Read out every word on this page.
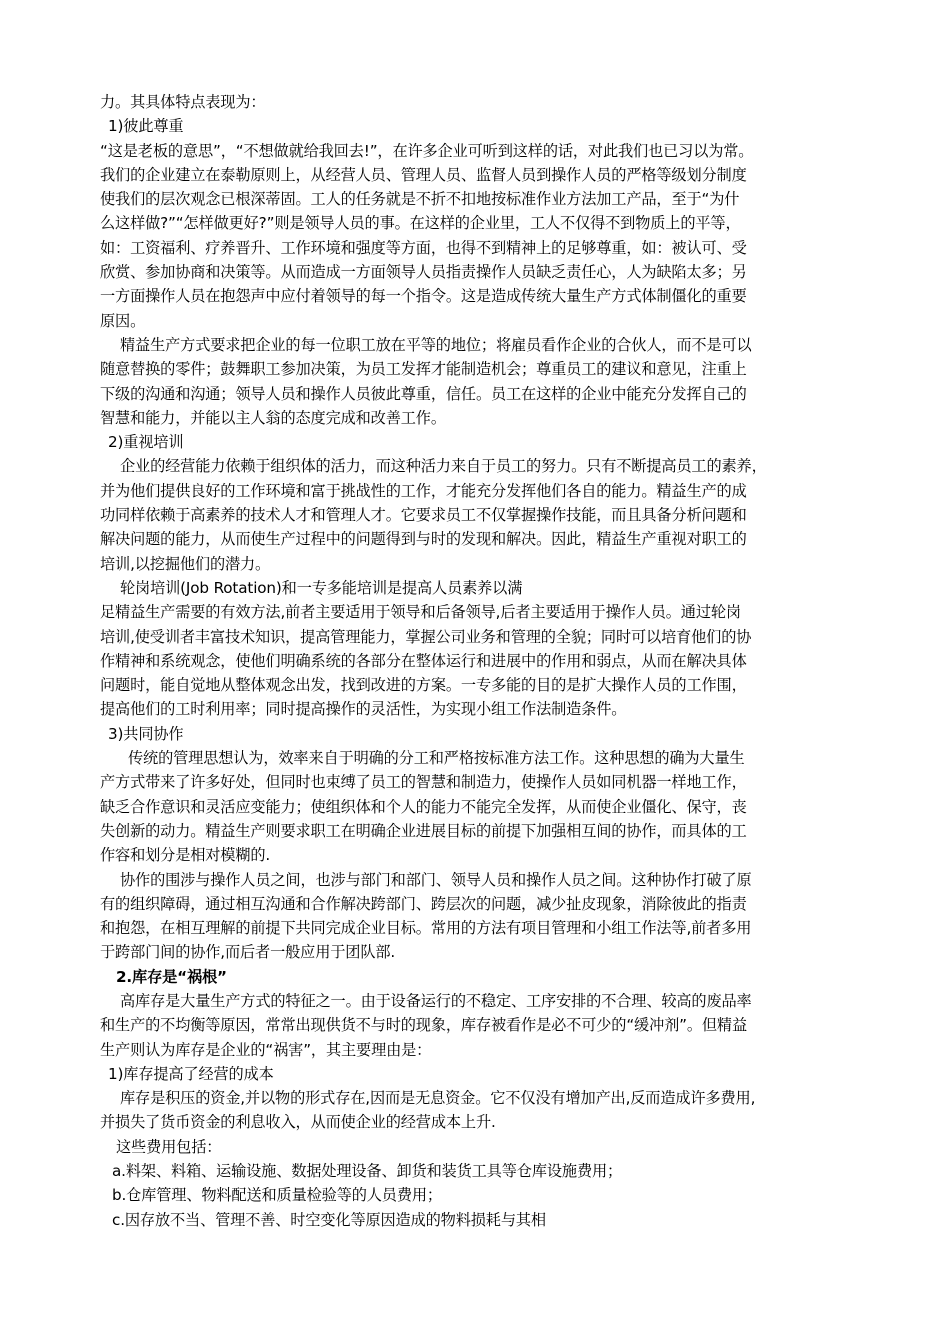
力。其具体特点表现为：
1)彼此尊重
“这是老板的意思”，“不想做就给我回去!”，在许多企业可听到这样的话，对此我们也已习以为常。
我们的企业建立在泰勒原则上，从经营人员、管理人员、监督人员到操作人员的严格等级划分制度
使我们的层次观念已根深蒂固。工人的任务就是不折不扣地按标准作业方法加工产品，至于“为什
么这样做?”“怎样做更好?”则是领导人员的事。在这样的企业里，工人不仅得不到物质上的平等，
如：工资福利、疗养晋升、工作环境和强度等方面，也得不到精神上的足够尊重，如：被认可、受
欣赏、参加协商和决策等。从而造成一方面领导人员指责操作人员缺乏责任心，人为缺陷太多；另
一方面操作人员在抱怨声中应付着领导的每一个指令。这是造成传统大量生产方式体制僵化的重要
原因。
精益生产方式要求把企业的每一位职工放在平等的地位；将雇员看作企业的合伙人，而不是可以
随意替换的零件；鼓舞职工参加决策，为员工发挥才能制造机会；尊重员工的建议和意见，注重上
下级的沟通和沟通；领导人员和操作人员彼此尊重，信任。员工在这样的企业中能充分发挥自己的
智慧和能力，并能以主人翁的态度完成和改善工作。
2)重视培训
企业的经营能力依赖于组织体的活力，而这种活力来自于员工的努力。只有不断提高员工的素养，
并为他们提供良好的工作环境和富于挑战性的工作，才能充分发挥他们各自的能力。精益生产的成
功同样依赖于高素养的技术人才和管理人才。它要求员工不仅掌握操作技能，而且具备分析问题和
解决问题的能力，从而使生产过程中的问题得到与时的发现和解决。因此，精益生产重视对职工的
培训,以挖掘他们的潜力。
轮岗培训(Job Rotation)和一专多能培训是提高人员素养以满
足精益生产需要的有效方法,前者主要适用于领导和后备领导,后者主要适用于操作人员。通过轮岗
培训,使受训者丰富技术知识，提高管理能力，掌握公司业务和管理的全貌；同时可以培育他们的协
作精神和系统观念，使他们明确系统的各部分在整体运行和进展中的作用和弱点，从而在解决具体
问题时，能自觉地从整体观念出发，找到改进的方案。一专多能的目的是扩大操作人员的工作围，
提高他们的工时利用率；同时提高操作的灵活性，为实现小组工作法制造条件。
3)共同协作
传统的管理思想认为，效率来自于明确的分工和严格按标准方法工作。这种思想的确为大量生
产方式带来了许多好处，但同时也束缚了员工的智慧和制造力，使操作人员如同机器一样地工作，
缺乏合作意识和灵活应变能力；使组织体和个人的能力不能完全发挥，从而使企业僵化、保守，丧
失创新的动力。精益生产则要求职工在明确企业进展目标的前提下加强相互间的协作，而具体的工
作容和划分是相对模糊的.
协作的围涉与操作人员之间，也涉与部门和部门、领导人员和操作人员之间。这种协作打破了原
有的组织障碍，通过相互沟通和合作解决跨部门、跨层次的问题，减少扯皮现象，消除彼此的指责
和抱怨，在相互理解的前提下共同完成企业目标。常用的方法有项目管理和小组工作法等,前者多用
于跨部门间的协作,而后者一般应用于团队部.
2.库存是“祸根”
高库存是大量生产方式的特征之一。由于设备运行的不稳定、工序安排的不合理、较高的废品率
和生产的不均衡等原因，常常出现供货不与时的现象，库存被看作是必不可少的“缓冲剂”。但精益
生产则认为库存是企业的“祸害”，其主要理由是：
1)库存提高了经营的成本
库存是积压的资金,并以物的形式存在,因而是无息资金。它不仅没有增加产出,反而造成许多费用,
并损失了货币资金的利息收入，从而使企业的经营成本上升.
这些费用包括：
a.料架、料箱、运输设施、数据处理设备、卸货和装货工具等仓库设施费用；
b.仓库管理、物料配送和质量检验等的人员费用；
c.因存放不当、管理不善、时空变化等原因造成的物料损耗与其相
